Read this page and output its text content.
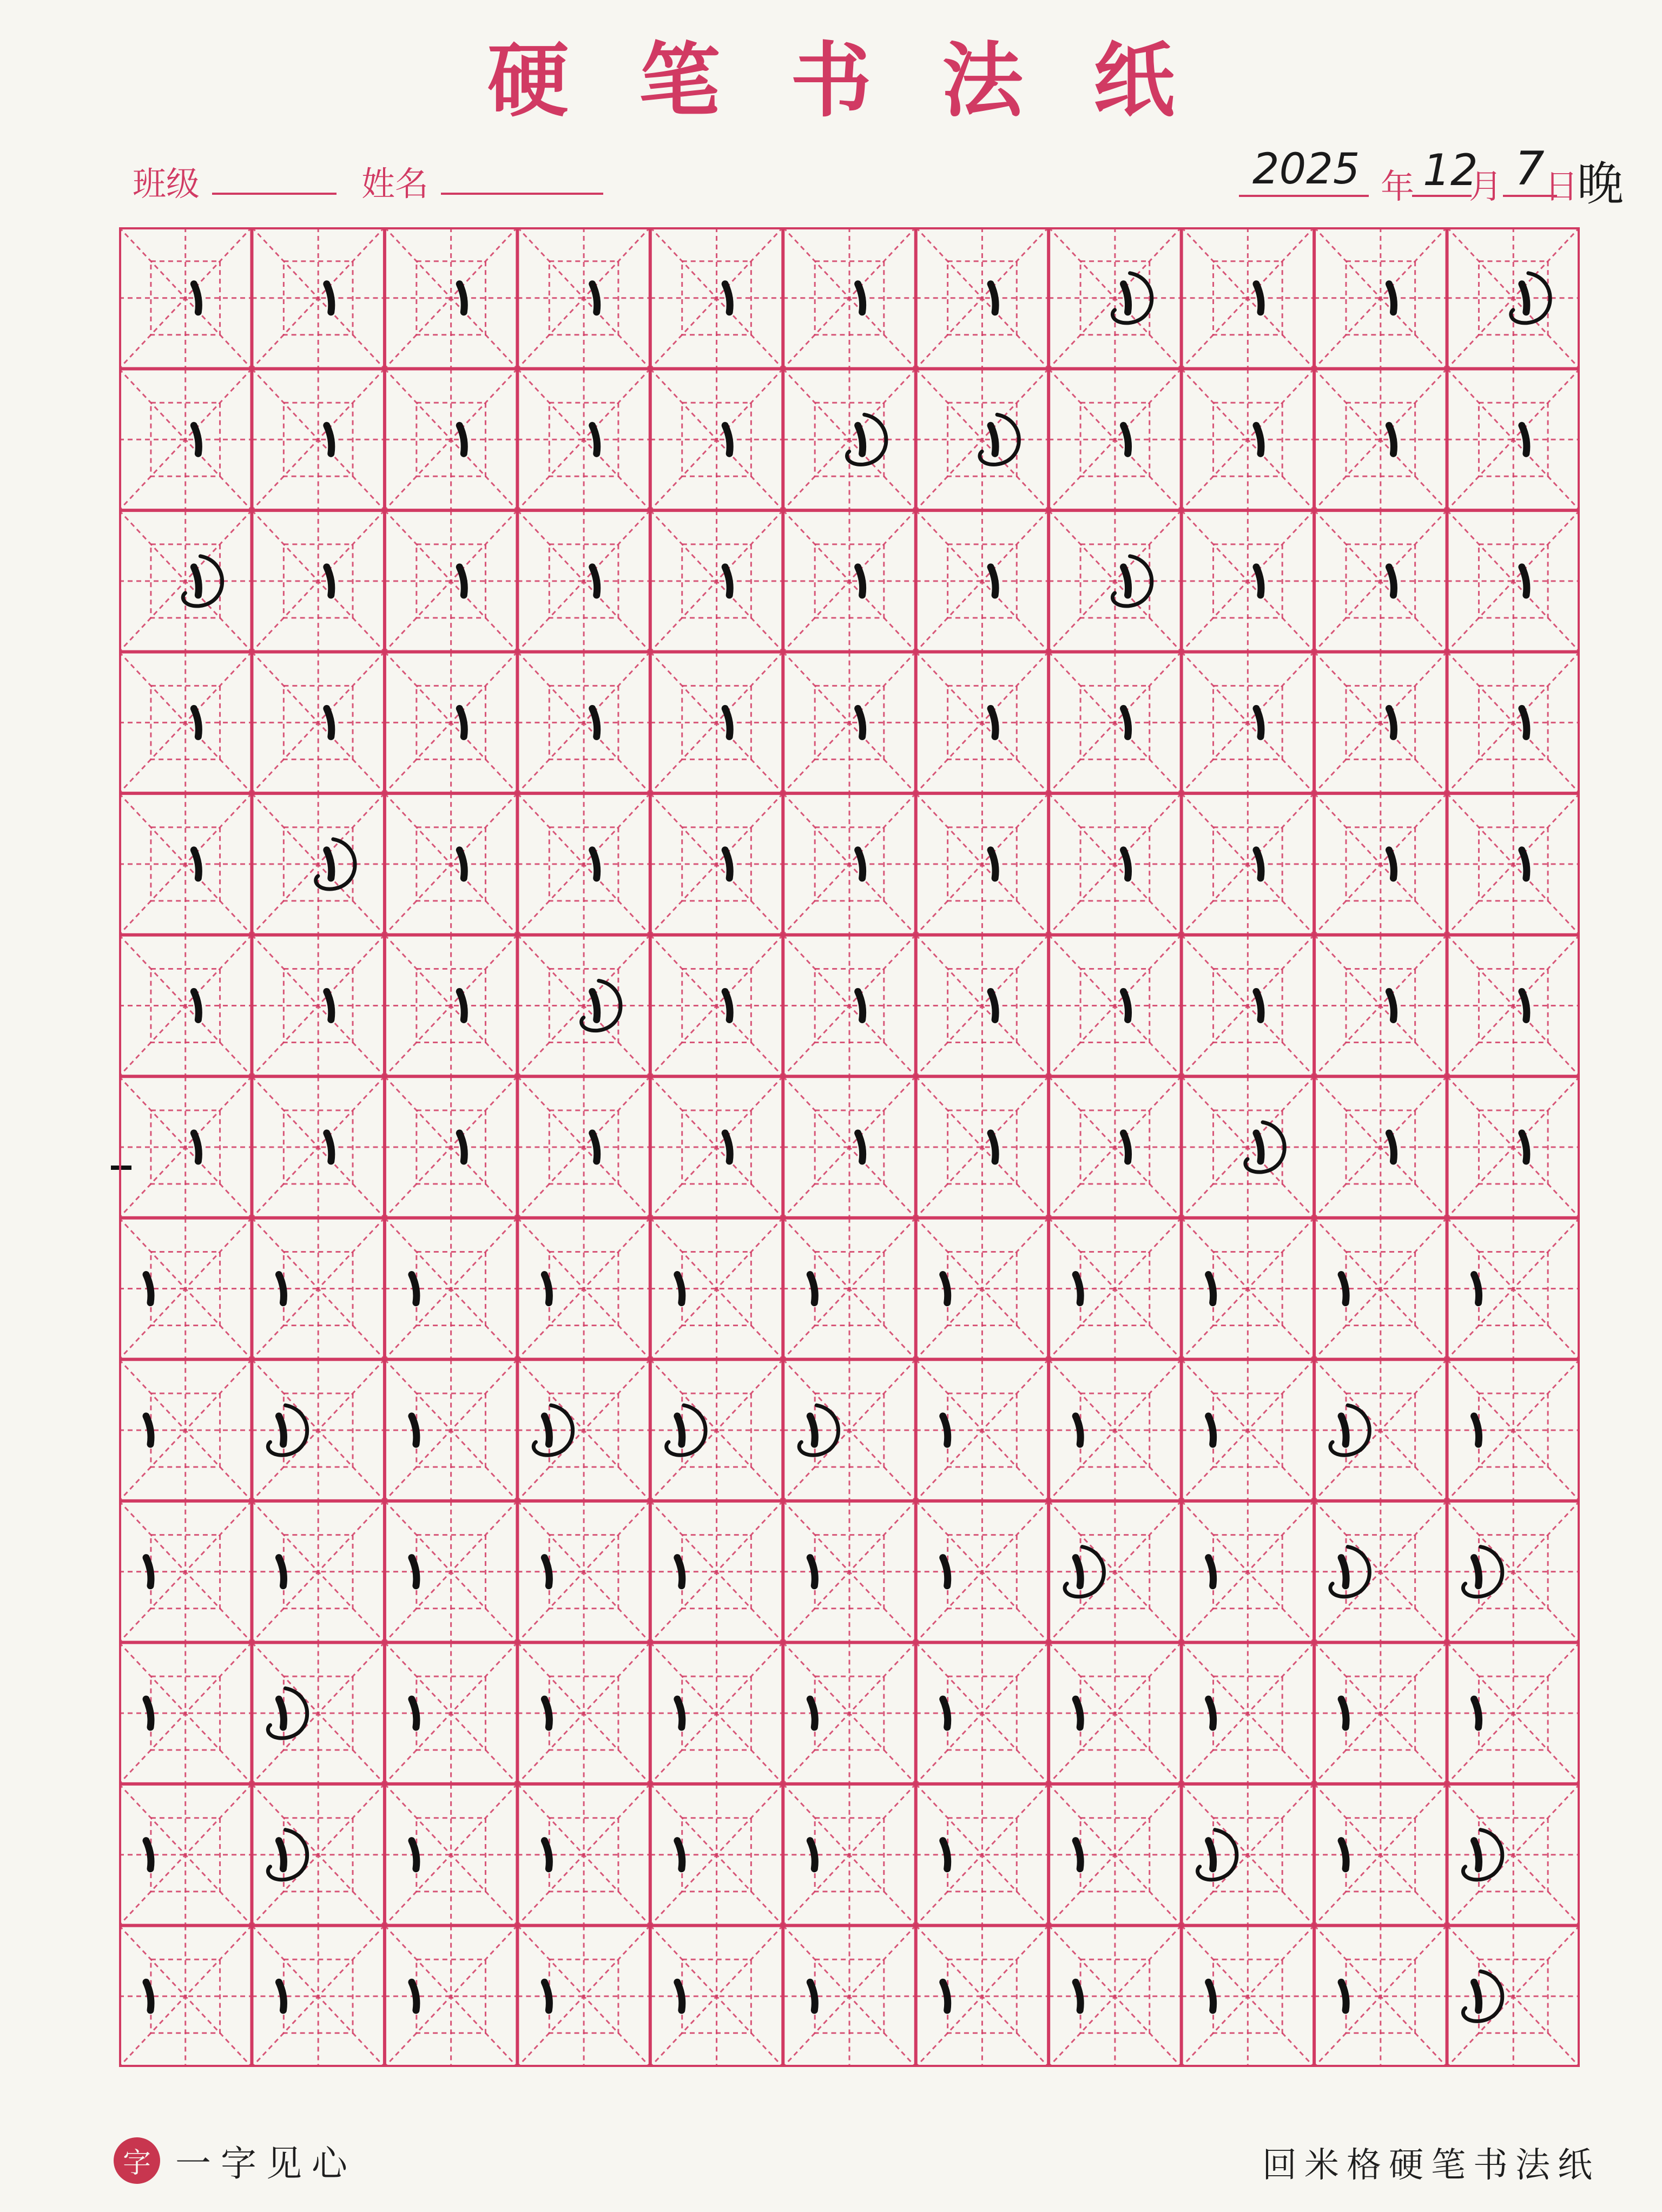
硬笔书法纸
班级	姓名	2025 年 12
月 7 日
晚
字 一字见心	回米格硬笔书法纸
